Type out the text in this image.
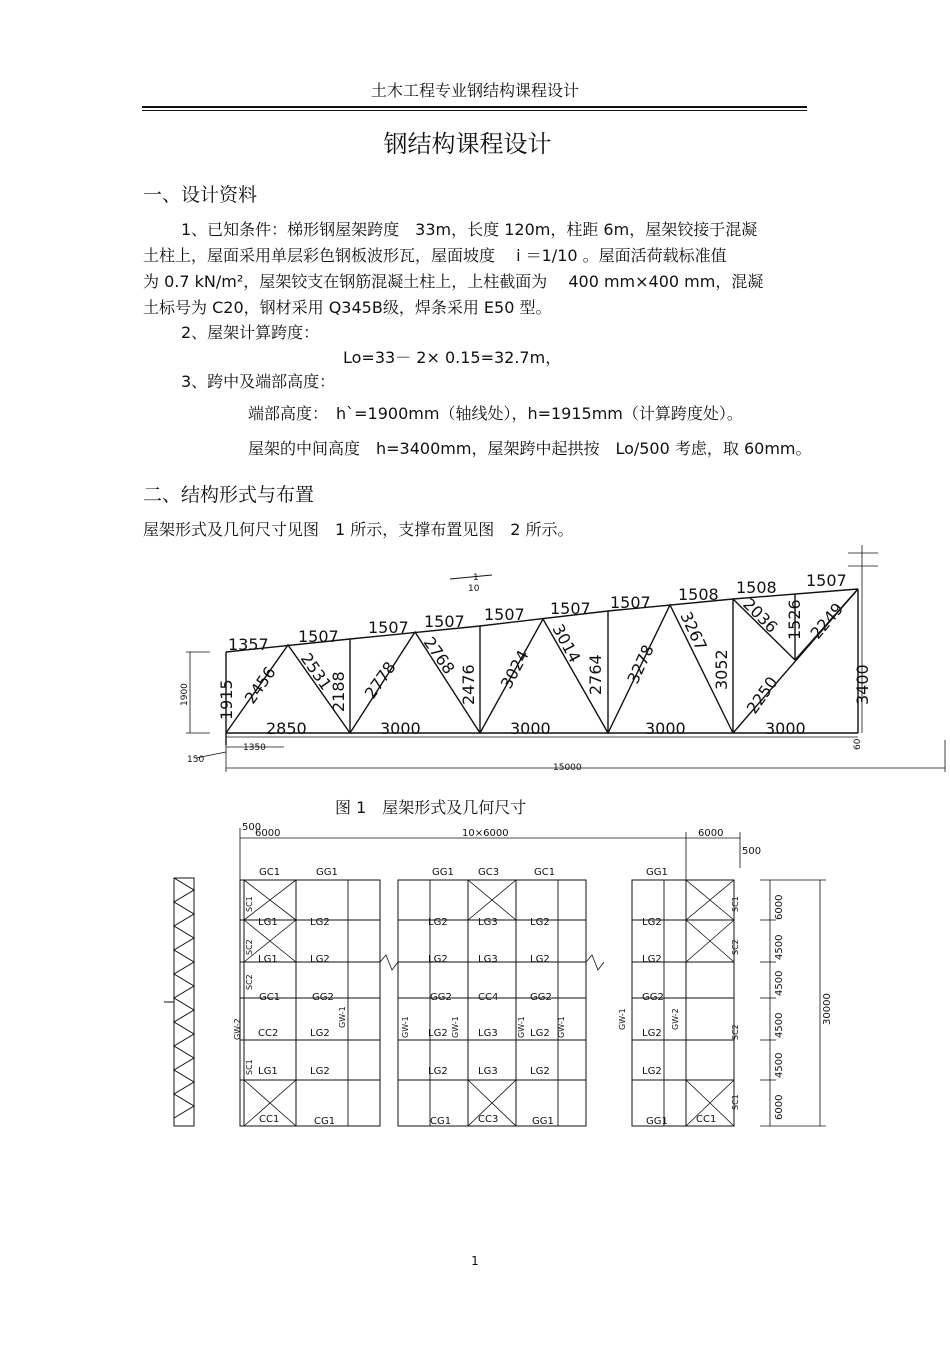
土木工程专业钢结构课程设计
钢结构课程设计
一、设计资料
1、已知条件：梯形钢屋架跨度　33m，长度 120m，柱距 6m，屋架铰接于混凝
土柱上，屋面采用单层彩色钢板波形瓦，屋面坡度　 i ＝1/10 。屋面活荷载标准值
为 0.7 kN/m²，屋架铰支在钢筋混凝土柱上，上柱截面为　 400 mm×400 mm，混凝
土标号为 C20，钢材采用 Q345B级，焊条采用 E50 型。
2、屋架计算跨度：
Lo=33－ 2× 0.15=32.7m，
3、跨中及端部高度：
端部高度：　h`=1900mm（轴线处），h=1915mm（计算跨度处）。
屋架的中间高度　h=3400mm，屋架跨中起拱按　Lo/500 考虑，取 60mm。
二、结构形式与布置
屋架形式及几何尺寸见图　1 所示，支撑布置见图　2 所示。
1
10
1357 1507 1507 1507 1507 1507 1507 1508 1508 1507
1915	2188	2476	2764	3052
1526
3400
2456 2531 2778
2768 3024
3014 3278
3267
2250
2036 2249
2850	3000	3000	3000	3000
1900
1350
150
15000
60
图 1　屋架形式及几何尺寸
500
6000	10×6000	6000
500
6000
4500
4500
4500
4500
6000
30000
GC1	GG1	GG1 GC3	GC1	GG1
LG1	LG2	LG2	LG3	LG2	LG2
LG1	LG2	LG2	LG3	LG2	LG2
GC1	GG2	GG2	CC4	GG2	GG2
CC2	LG2	LG2	LG3	LG2	LG2
LG1	LG2	LG2	LG3	LG2	LG2
CC1	CG1	CG1	CC3	GG1	GG1	CC1
SC1
SC2
SC2
SC1
GW-2
GW-1	GW-1	GW-1	GW-1	GW-1	GW-1	GW-2
SC1
SC2
SC2
SC1
1
